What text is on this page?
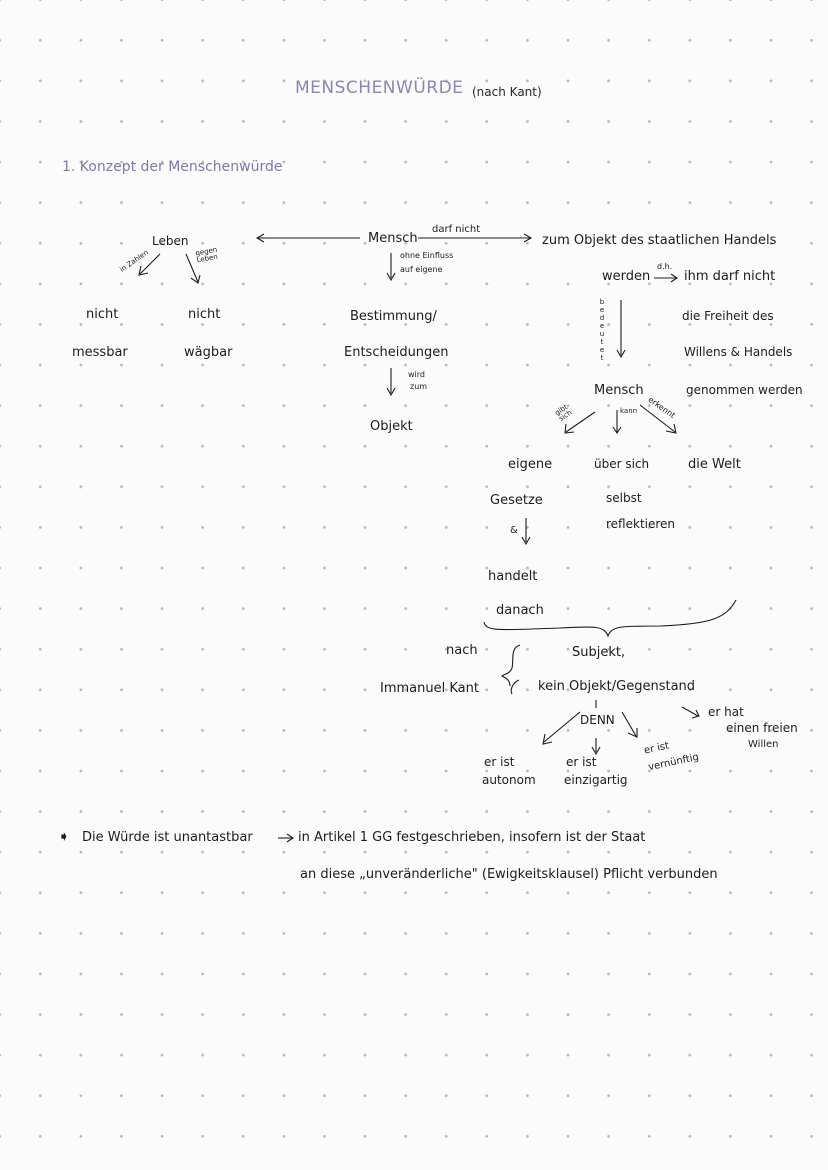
MENSCHENWÜRDE (nach Kant)
1. Konzept der Menschenwürde
Leben
in Zahlen	gegen Leben
nicht	nicht
messbar	wägbar
Mensch
darf nicht
ohne Einfluss
auf eigene
Bestimmung/
Entscheidungen
wird
zum
Objekt
zum Objekt des staatlichen Handels
werden
d.h.
ihm darf nicht
die Freiheit des
Willens & Handels
genommen werden
b
e
d
e
u
t
e
t
Mensch
gibt sich	kann erkennt
eigene
Gesetze
&
über sich
selbst
reflektieren
die Welt
handelt
danach
nach
Immanuel Kant
Subjekt,
kein Objekt/Gegenstand
DENN
er hat
einen freien
Willen
er ist
autonom
er ist
einzigartig
er ist
vernünftig
➧ Die Würde ist unantastbar	in Artikel 1 GG festgeschrieben, insofern ist der Staat
an diese „unveränderliche" (Ewigkeitsklausel) Pflicht verbunden
